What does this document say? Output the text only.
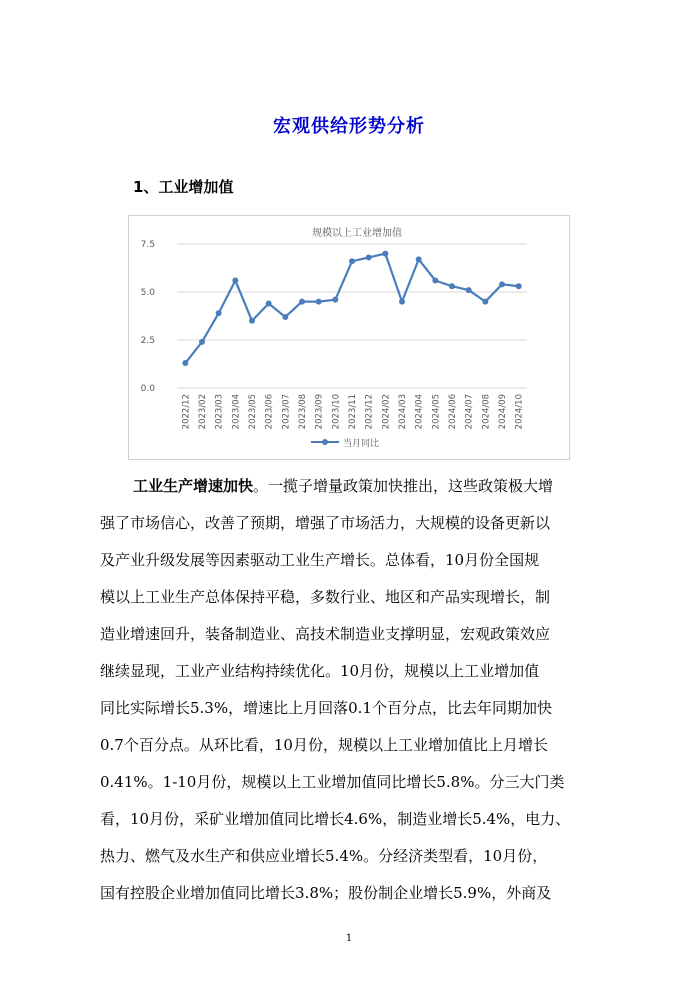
宏观供给形势分析
1、工业增加值
规模以上工业增加值
0.0
2.5
5.0
7.5
2022/12 2023/02 2023/03 2023/04 2023/05 2023/06 2023/07 2023/08 2023/09 2023/10 2023/11 2023/12 2024/02 2024/03 2024/04 2024/05 2024/06 2024/07 2024/08 2024/09 2024/10
当月同比
工业生产增速加快。一揽子增量政策加快推出，这些政策极大增
强了市场信心，改善了预期，增强了市场活力，大规模的设备更新以
及产业升级发展等因素驱动工业生产增长。总体看，10月份全国规
模以上工业生产总体保持平稳，多数行业、地区和产品实现增长，制
造业增速回升，装备制造业、高技术制造业支撑明显，宏观政策效应
继续显现，工业产业结构持续优化。10月份，规模以上工业增加值
同比实际增长5.3%，增速比上月回落0.1个百分点，比去年同期加快
0.7个百分点。从环比看，10月份，规模以上工业增加值比上月增长
0.41%。1-10月份，规模以上工业增加值同比增长5.8%。分三大门类
看，10月份，采矿业增加值同比增长4.6%，制造业增长5.4%，电力、
热力、燃气及水生产和供应业增长5.4%。分经济类型看，10月份，
国有控股企业增加值同比增长3.8%；股份制企业增长5.9%，外商及
1
